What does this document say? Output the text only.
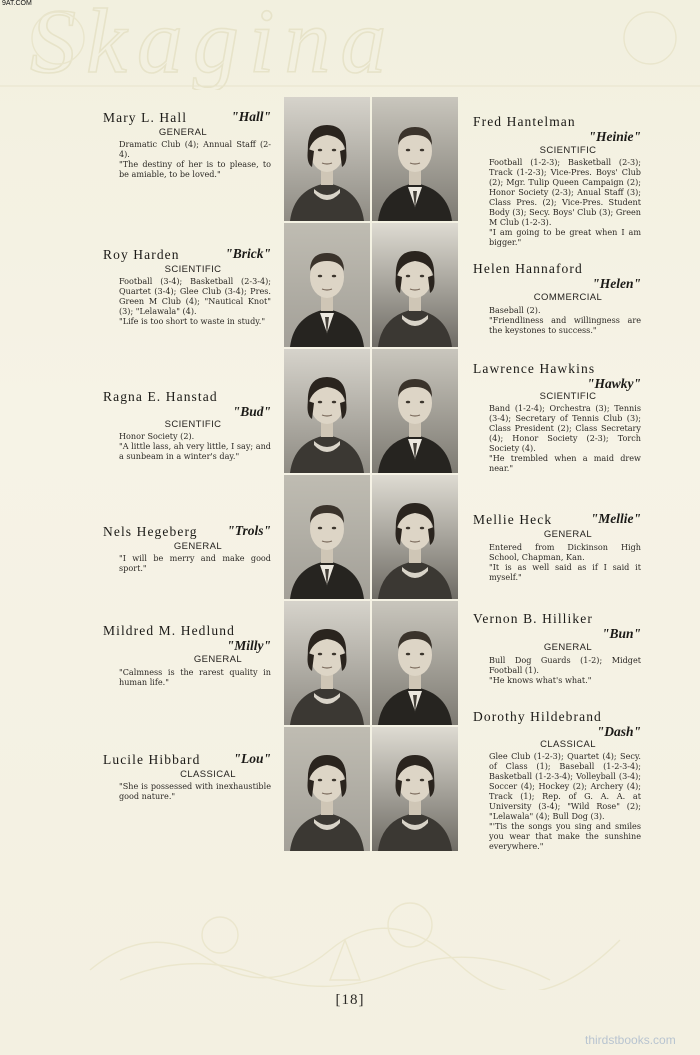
Skagina
9AT.COM
Mary L. Hall	"Hall"
GENERAL

Dramatic Club (4); Annual Staff (2-4).

"The destiny of her is to please, to be amiable, to be loved."

Roy Harden	"Brick"
SCIENTIFIC

Football (3-4); Basketball (2-3-4); Quartet (3-4); Glee Club (3-4); Pres. Green M Club (4); "Nautical Knot" (3); "Lelawala" (4).

"Life is too short to waste in study."

Ragna E. Hanstad
"Bud"
SCIENTIFIC

Honor Society (2).

"A little lass, ah very little, I say; and a sunbeam in a winter's day."

Nels Hegeberg "Trols"
GENERAL

"I will be merry and make good sport."

Mildred M. Hedlund
"Milly"
GENERAL

"Calmness is the rarest quality in human life."

Lucile Hibbard "Lou"
CLASSICAL

"She is possessed with inexhaustible good nature."

Fred Hantelman
"Heinie"
SCIENTIFIC

Football (1-2-3); Basketball (2-3); Track (1-2-3); Vice-Pres. Boys' Club (2); Mgr. Tulip Queen Campaign (2); Honor Society (2-3); Anual Staff (3); Class Pres. (2); Vice-Pres. Student Body (3); Secy. Boys' Club (3); Green M Club (1-2-3).

"I am going to be great when I am bigger."

Helen Hannaford
"Helen"
COMMERCIAL

Baseball (2).

"Friendliness and willingness are the keystones to success."

Lawrence Hawkins
"Hawky"
SCIENTIFIC

Band (1-2-4); Orchestra (3); Tennis (3-4); Secretary of Tennis Club (3); Class President (2); Class Secretary (4); Honor Society (2-3); Torch Society (4).

"He trembled when a maid drew near."

Mellie Heck	"Mellie"
GENERAL

Entered from Dickinson High School, Chapman, Kan.

"It is as well said as if I said it myself."

Vernon B. Hilliker
"Bun"
GENERAL

Bull Dog Guards (1-2); Midget Football (1).

"He knows what's what."

Dorothy Hildebrand
"Dash"
CLASSICAL

Glee Club (1-2-3); Quartet (4); Secy. of Class (1); Baseball (1-2-3-4); Basketball (1-2-3-4); Volleyball (3-4); Soccer (4); Hockey (2); Archery (4); Track (1); Rep. of G. A. A. at University (3-4); "Wild Rose" (2); "Lelawala" (4); Bull Dog (3).

"'Tis the songs you sing and smiles you wear that make the sunshine everywhere."

[18]
thirdstbooks.com
